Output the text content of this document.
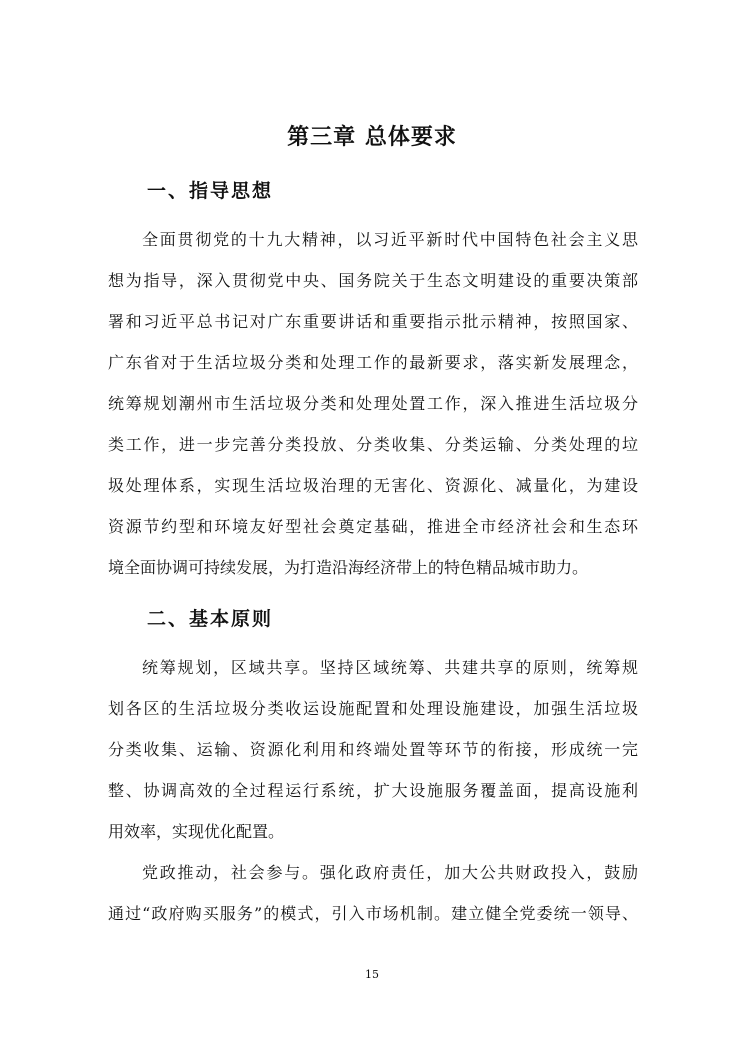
第三章 总体要求
一、指导思想
全面贯彻党的十九大精神，以习近平新时代中国特色社会主义思
想为指导，深入贯彻党中央、国务院关于生态文明建设的重要决策部
署和习近平总书记对广东重要讲话和重要指示批示精神，按照国家、
广东省对于生活垃圾分类和处理工作的最新要求，落实新发展理念，
统筹规划潮州市生活垃圾分类和处理处置工作，深入推进生活垃圾分
类工作，进一步完善分类投放、分类收集、分类运输、分类处理的垃
圾处理体系，实现生活垃圾治理的无害化、资源化、减量化，为建设
资源节约型和环境友好型社会奠定基础，推进全市经济社会和生态环
境全面协调可持续发展，为打造沿海经济带上的特色精品城市助力。
二、基本原则
统筹规划，区域共享。坚持区域统筹、共建共享的原则，统筹规
划各区的生活垃圾分类收运设施配置和处理设施建设，加强生活垃圾
分类收集、运输、资源化利用和终端处置等环节的衔接，形成统一完
整、协调高效的全过程运行系统，扩大设施服务覆盖面，提高设施利
用效率，实现优化配置。
党政推动，社会参与。强化政府责任，加大公共财政投入，鼓励
通过“政府购买服务”的模式，引入市场机制。建立健全党委统一领导、
15
